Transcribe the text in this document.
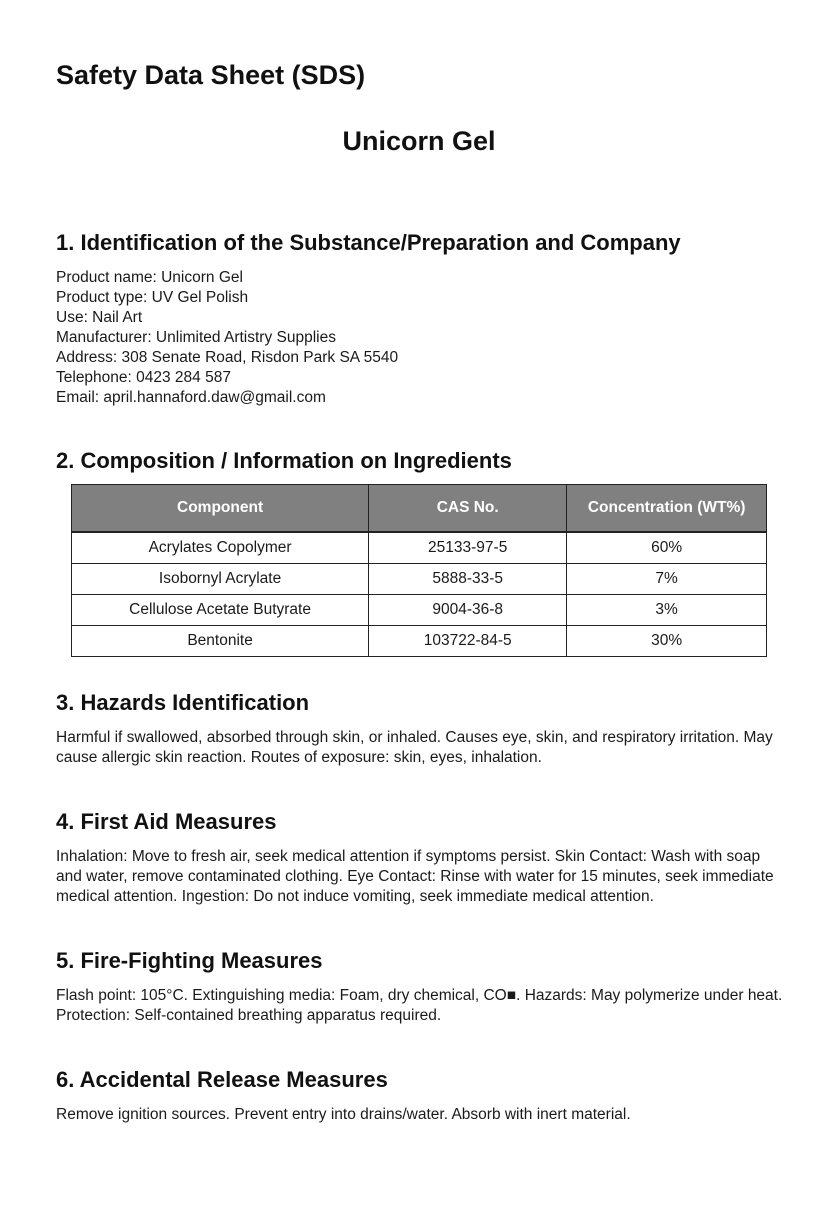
Safety Data Sheet (SDS)
Unicorn Gel
1. Identification of the Substance/Preparation and Company
Product name: Unicorn Gel
Product type: UV Gel Polish
Use: Nail Art
Manufacturer: Unlimited Artistry Supplies
Address: 308 Senate Road, Risdon Park SA 5540
Telephone: 0423 284 587
Email: april.hannaford.daw@gmail.com
2. Composition / Information on Ingredients
Component	CAS No.	Concentration (WT%)

Acrylates Copolymer	25133-97-5	60%
Isobornyl Acrylate	5888-33-5	7%
Cellulose Acetate Butyrate	9004-36-8	3%
Bentonite	103722-84-5	30%
3. Hazards Identification

Harmful if swallowed, absorbed through skin, or inhaled. Causes eye, skin, and respiratory irritation. May cause allergic skin reaction. Routes of exposure: skin, eyes, inhalation.

4. First Aid Measures

Inhalation: Move to fresh air, seek medical attention if symptoms persist. Skin Contact: Wash with soap and water, remove contaminated clothing. Eye Contact: Rinse with water for 15 minutes, seek immediate medical attention. Ingestion: Do not induce vomiting, seek immediate medical attention.

5. Fire-Fighting Measures

Flash point: 105°C. Extinguishing media: Foam, dry chemical, CO■. Hazards: May polymerize under heat. Protection: Self-contained breathing apparatus required.

6. Accidental Release Measures

Remove ignition sources. Prevent entry into drains/water. Absorb with inert material.
